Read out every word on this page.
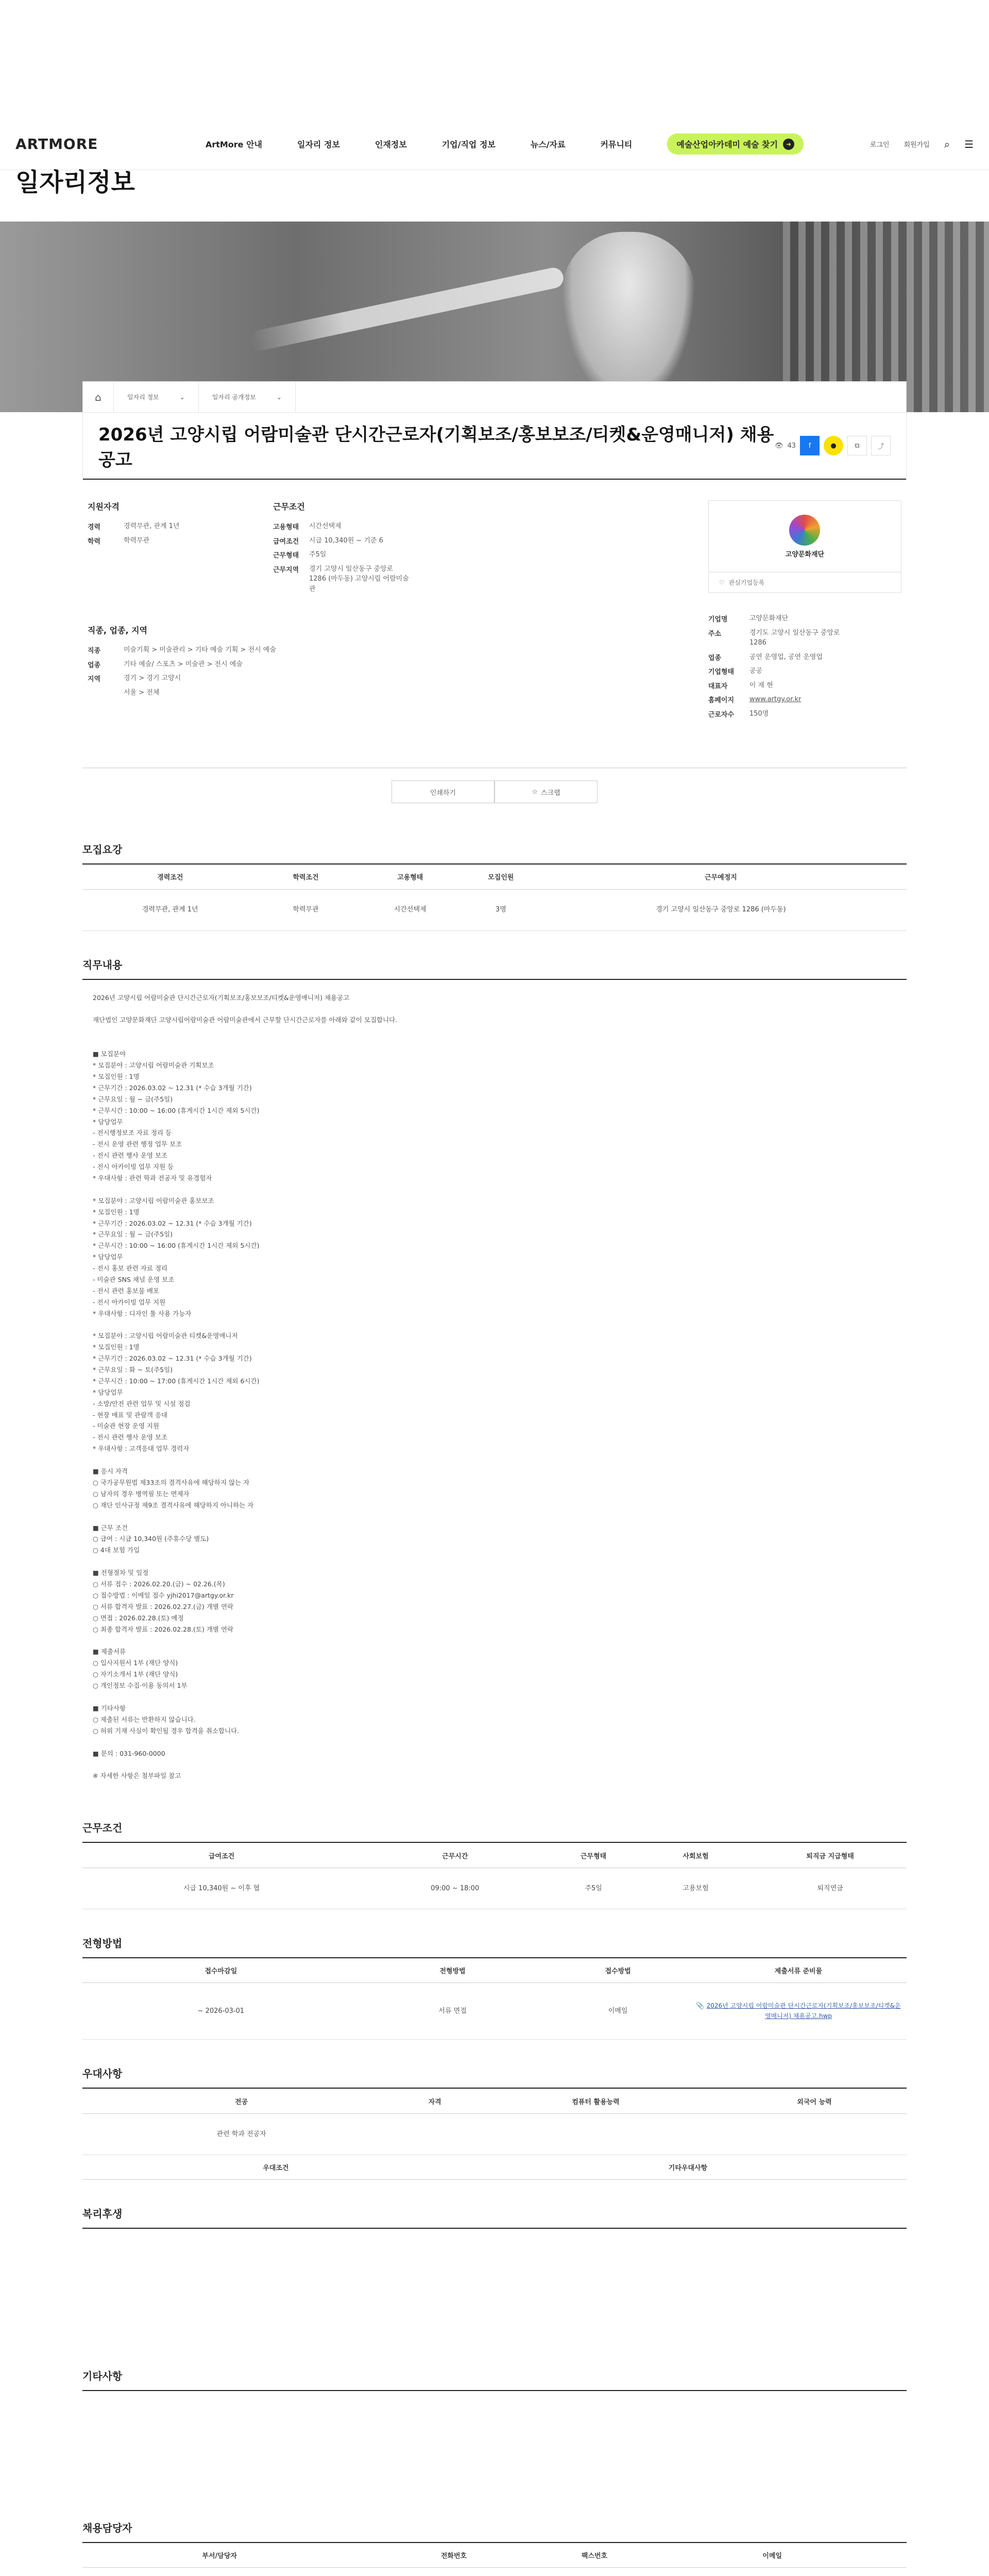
ARTMORE	ArtMore 안내	일자리 정보	인재정보	기업/직업 정보	뉴스/자료	커뮤니티	예술산업아카데미 예술 찾기	➜	로그인 회원가입 ⌕ ☰
일자리정보
⌂	일자리 정보	⌄	일자리 공개정보	⌄
2026년 고양시립 어람미술관 단시간근로자(기획보조/홍보보조/티켓&운영매니저) 채용공고
👁 43	f	●	⧉	⤴
지원자격
경력	경력무관, 관계 1년
학력	학력무관
근무조건
고용형태	시간선택제
급여조건	시급 10,340원 ~ 기준 6
근무형태	주5일
근무지역	경기 고양시 일산동구 중앙로 1286 (마두동) 고양시립 어람미술관
직종, 업종, 지역
직종	미술기획 > 미술관리 > 기타 예술 기획 > 전시 예술
업종	기타 예술/ 스포츠 > 미술관 > 전시 예술
지역	경기 > 경기 고양시
서울 > 전체
고양문화재단
♡ 관심기업등록
기업명	고양문화재단
주소	경기도 고양시 일산동구 중앙로 1286
업종	공연 운영업, 공연 운영업
기업형태	공공
대표자	이 재 현
홈페이지	www.artgy.or.kr
근로자수	150명
인쇄하기	☆ 스크랩
모집요강
경력조건	학력조건	고용형태	모집인원	근무예정지
경력무관, 관계 1년	학력무관	시간선택제	3명	경기 고양시 일산동구 중앙로 1286 (마두동)
직무내용

2026년 고양시립 어람미술관 단시간근로자(기획보조/홍보보조/티켓&운영매니저) 채용공고

재단법인 고양문화재단 고양시립어람미술관 어람미술관에서 근무할 단시간근로자를 아래와 같이 모집합니다.

■ 모집분야

* 모집분야 : 고양시립 어람미술관 기획보조

* 모집인원 : 1명

* 근무기간 : 2026.03.02 ~ 12.31 (* 수습 3개월 기간)

* 근무요일 : 월 ~ 금(주5일)

* 근무시간 : 10:00 ~ 16:00 (휴게시간 1시간 제외 5시간)

* 담당업무

- 전시행정보조 자료 정리 등

- 전시 운영 관련 행정 업무 보조

- 전시 관련 행사 운영 보조

- 전시 아카이빙 업무 지원 등

* 우대사항 : 관련 학과 전공자 및 유경험자

* 모집분야 : 고양시립 어람미술관 홍보보조

* 모집인원 : 1명

* 근무기간 : 2026.03.02 ~ 12.31 (* 수습 3개월 기간)

* 근무요일 : 월 ~ 금(주5일)

* 근무시간 : 10:00 ~ 16:00 (휴게시간 1시간 제외 5시간)

* 담당업무

- 전시 홍보 관련 자료 정리

- 미술관 SNS 채널 운영 보조

- 전시 관련 홍보물 배포

- 전시 아카이빙 업무 지원

* 우대사항 : 디자인 툴 사용 가능자

* 모집분야 : 고양시립 어람미술관 티켓&운영매니저

* 모집인원 : 1명

* 근무기간 : 2026.03.02 ~ 12.31 (* 수습 3개월 기간)

* 근무요일 : 화 ~ 토(주5일)

* 근무시간 : 10:00 ~ 17:00 (휴게시간 1시간 제외 6시간)

* 담당업무

- 소방/안전 관련 업무 및 시설 점검

- 현장 매표 및 관람객 응대

- 미술관 현장 운영 지원

- 전시 관련 행사 운영 보조

* 우대사항 : 고객응대 업무 경력자

■ 응시 자격

○ 국가공무원법 제33조의 결격사유에 해당하지 않는 자

○ 남자의 경우 병역필 또는 면제자

○ 재단 인사규정 제9조 결격사유에 해당하지 아니하는 자

■ 근무 조건

○ 급여 : 시급 10,340원 (주휴수당 별도)

○ 4대 보험 가입

■ 전형절차 및 일정

○ 서류 접수 : 2026.02.20.(금) ~ 02.26.(목)

○ 접수방법 : 이메일 접수 yjhi2017@artgy.or.kr

○ 서류 합격자 발표 : 2026.02.27.(금) 개별 연락

○ 면접 : 2026.02.28.(토) 예정

○ 최종 합격자 발표 : 2026.02.28.(토) 개별 연락

■ 제출서류

○ 입사지원서 1부 (재단 양식)

○ 자기소개서 1부 (재단 양식)

○ 개인정보 수집·이용 동의서 1부

■ 기타사항

○ 제출된 서류는 반환하지 않습니다.

○ 허위 기재 사실이 확인될 경우 합격을 취소합니다.

■ 문의 : 031-960-0000

※ 자세한 사항은 첨부파일 참고

근무조건
급여조건	근무시간	근무형태	사회보험	퇴직금 지급형태
시급 10,340원 ~ 이후 협	09:00 ~ 18:00	주5일	고용보험	퇴직연금
전형방법
접수마감일	전형방법	접수방법	제출서류 준비물
~ 2026-03-01	서류 면접	이메일	📎 2026년 고양시립 어람미술관 단시간근로자(기획보조/홍보보조/티켓&운영매니저) 채용공고.hwp
우대사항
전공	자격	컴퓨터 활용능력	외국어 능력
관련 학과 전공자			
우대조건		기타우대사항	
복리후생
기타사항
채용담당자
부서/담당자	전화번호	팩스번호	이메일
